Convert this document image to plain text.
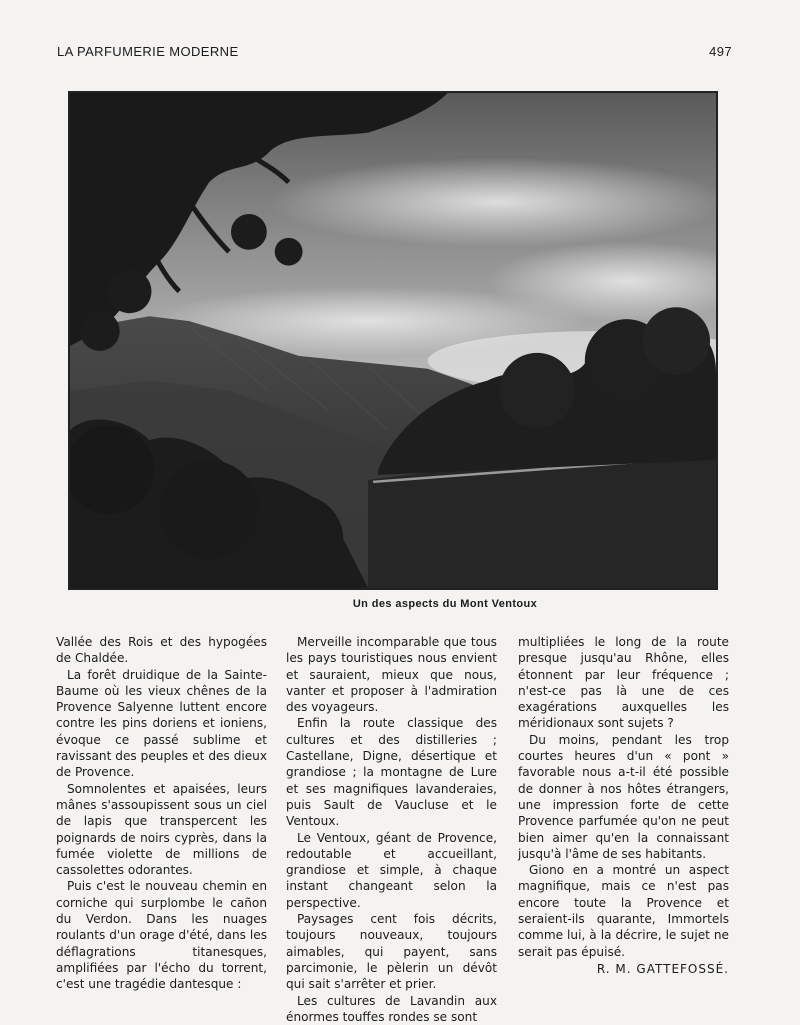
LA PARFUMERIE MODERNE	497
Un des aspects du Mont Ventoux

Vallée des Rois et des hypogées de Chaldée.

La forêt druidique de la Sainte-Baume où les vieux chênes de la Provence Salyenne luttent encore contre les pins doriens et ioniens, évoque ce passé sublime et ravissant des peuples et des dieux de Provence.

Somnolentes et apaisées, leurs mânes s'assoupissent sous un ciel de lapis que transpercent les poignards de noirs cyprès, dans la fumée violette de millions de cassolettes odorantes.

Puis c'est le nouveau chemin en corniche qui surplombe le cañon du Verdon. Dans les nuages roulants d'un orage d'été, dans les déflagrations titanesques, amplifiées par l'écho du torrent, c'est une tragédie dantesque :

Merveille incomparable que tous les pays touristiques nous envient et sauraient, mieux que nous, vanter et proposer à l'admiration des voyageurs.

Enfin la route classique des cultures et des distilleries ; Castellane, Digne, désertique et grandiose ; la montagne de Lure et ses magnifiques lavanderaies, puis Sault de Vaucluse et le Ventoux.

Le Ventoux, géant de Provence, redoutable et accueillant, grandiose et simple, à chaque instant changeant selon la perspective.

Paysages cent fois décrits, toujours nouveaux, toujours aimables, qui payent, sans parcimonie, le pèlerin un dévôt qui sait s'arrêter et prier.

Les cultures de Lavandin aux énormes touffes rondes se sont

multipliées le long de la route presque jusqu'au Rhône, elles étonnent par leur fréquence ; n'est-ce pas là une de ces exagérations auxquelles les méridionaux sont sujets ?

Du moins, pendant les trop courtes heures d'un « pont » favorable nous a-t-il été possible de donner à nos hôtes étrangers, une impression forte de cette Provence parfumée qu'on ne peut bien aimer qu'en la connaissant jusqu'à l'âme de ses habitants.

Giono en a montré un aspect magnifique, mais ce n'est pas encore toute la Provence et seraient-ils quarante, Immortels comme lui, à la décrire, le sujet ne serait pas épuisé.

R. M. GATTEFOSSÉ.
